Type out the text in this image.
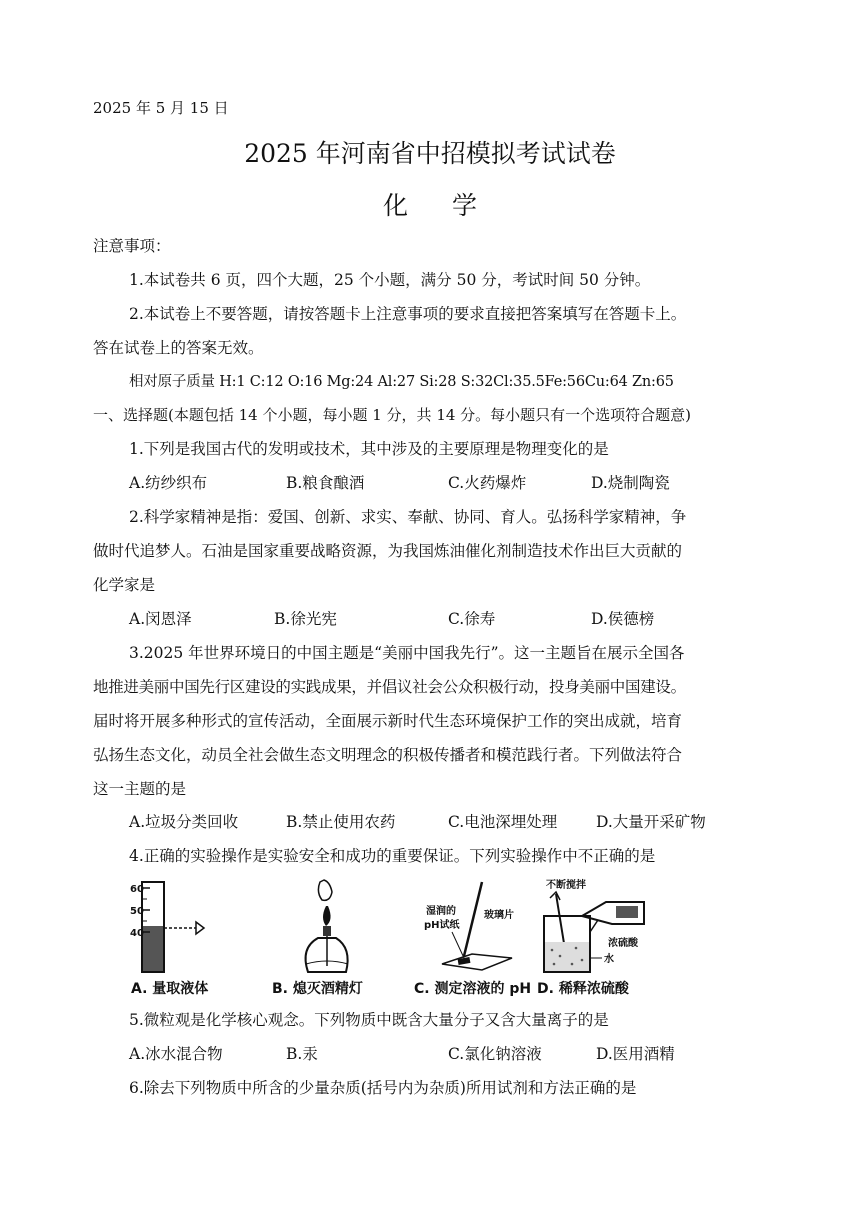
2025 年 5 月 15 日
2025 年河南省中招模拟考试试卷
化学
注意事项：
1.本试卷共 6 页，四个大题，25 个小题，满分 50 分，考试时间 50 分钟。
2.本试卷上不要答题，请按答题卡上注意事项的要求直接把答案填写在答题卡上。
答在试卷上的答案无效。
相对原子质量 H:1 C:12 O:16 Mg:24 Al:27 Si:28 S:32Cl:35.5Fe:56Cu:64 Zn:65
一、选择题(本题包括 14 个小题，每小题 1 分，共 14 分。每小题只有一个选项符合题意)
1.下列是我国古代的发明或技术，其中涉及的主要原理是物理变化的是
A.纺纱织布	B.粮食酿酒	C.火药爆炸	D.烧制陶瓷
2.科学家精神是指：爱国、创新、求实、奉献、协同、育人。弘扬科学家精神，争
做时代追梦人。石油是国家重要战略资源，为我国炼油催化剂制造技术作出巨大贡献的
化学家是
A.闵恩泽	B.徐光宪	C.徐寿	D.侯德榜
3.2025 年世界环境日的中国主题是“美丽中国我先行”。这一主题旨在展示全国各
地推进美丽中国先行区建设的实践成果，并倡议社会公众积极行动，投身美丽中国建设。
届时将开展多种形式的宣传活动，全面展示新时代生态环境保护工作的突出成就，培育
弘扬生态文化，动员全社会做生态文明理念的积极传播者和模范践行者。下列做法符合
这一主题的是
A.垃圾分类回收	B.禁止使用农药	C.电池深埋处理	D.大量开采矿物
4.正确的实验操作是实验安全和成功的重要保证。下列实验操作中不正确的是
60
50
40
A. 量取液体	B. 熄灭酒精灯
湿润的
pH试纸
玻璃片
C. 测定溶液的 pH
不断搅拌
浓硫酸
水
D. 稀释浓硫酸
5.微粒观是化学核心观念。下列物质中既含大量分子又含大量离子的是
A.冰水混合物	B.汞	C.氯化钠溶液	D.医用酒精
6.除去下列物质中所含的少量杂质(括号内为杂质)所用试剂和方法正确的是
